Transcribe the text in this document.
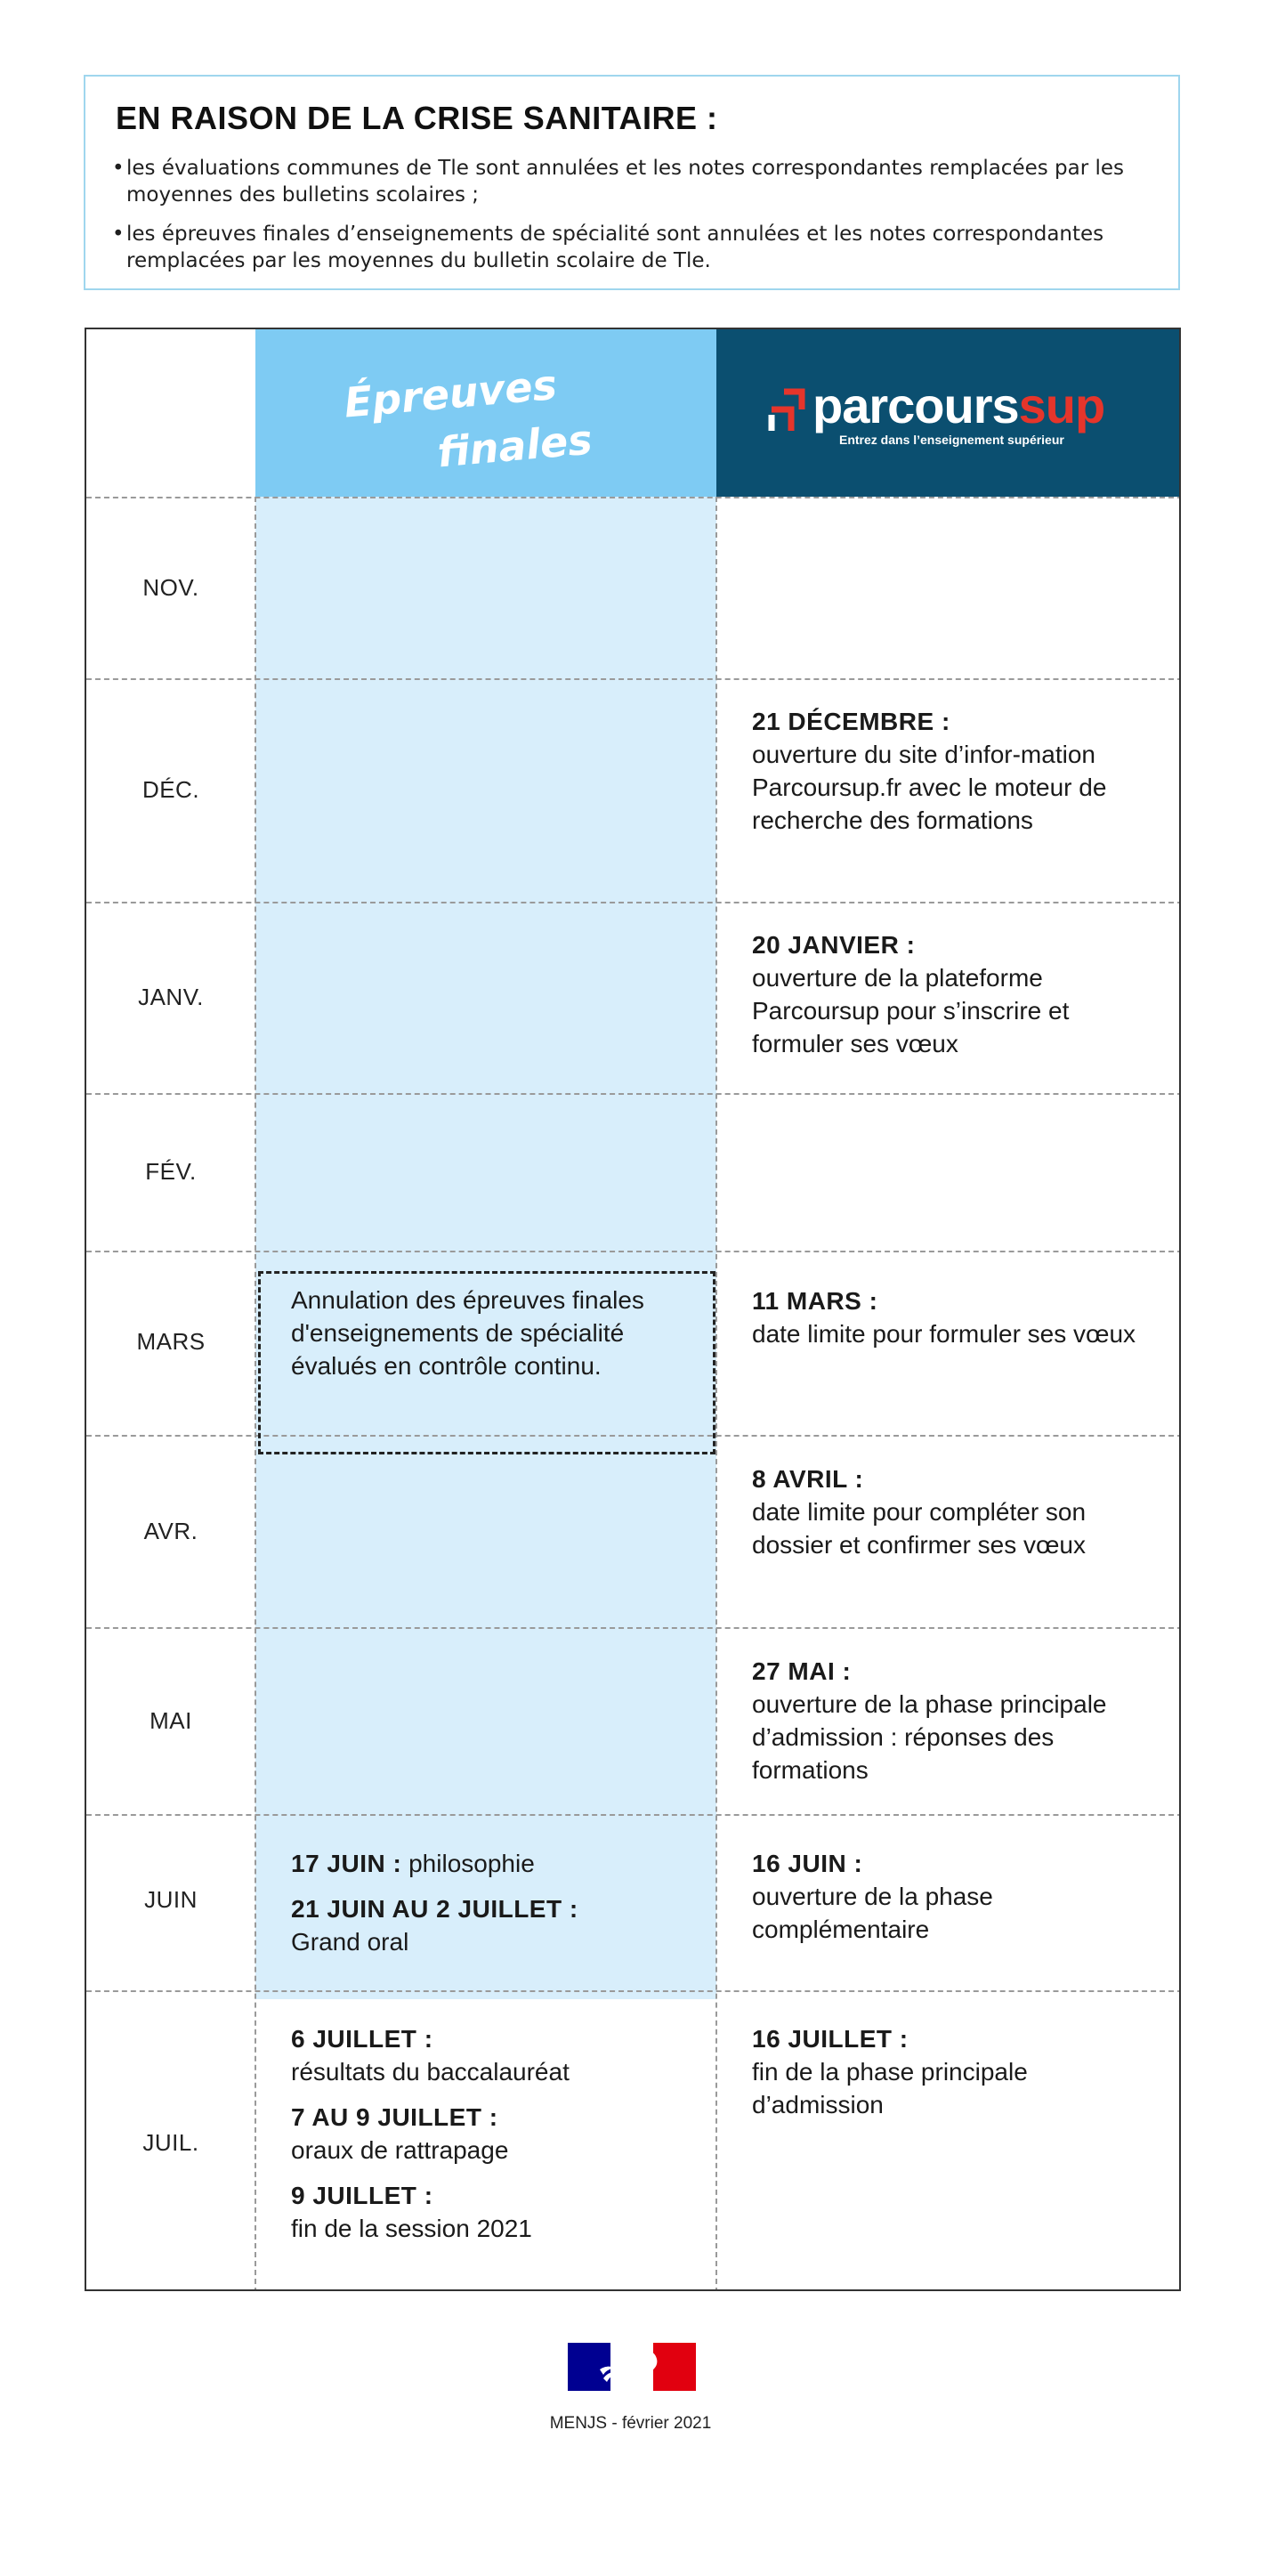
EN RAISON DE LA CRISE SANITAIRE :
• les évaluations communes de Tle sont annulées et les notes correspondantes remplacées par les moyennes des bulletins scolaires ;
• les épreuves finales d’enseignements de spécialité sont annulées et les notes correspondantes remplacées par les moyennes du bulletin scolaire de Tle.
Épreuves
finales
parcourssup
Entrez dans l’enseignement supérieur
NOV.
DÉC.
JANV.
FÉV.
MARS
AVR.
MAI
JUIN
JUIL.
Annulation des épreuves finales d'enseignements de spécialité évalués en contrôle continu.
17 JUIN : philosophie
21 JUIN AU 2 JUILLET :
Grand oral
6 JUILLET :
résultats du baccalauréat
7 AU 9 JUILLET :
oraux de rattrapage
9 JUILLET :
fin de la session 2021
21 DÉCEMBRE :
ouverture du site d’infor-mation Parcoursup.fr avec le moteur de recherche des formations
20 JANVIER :
ouverture de la plateforme Parcoursup pour s’inscrire et formuler ses vœux
11 MARS :
date limite pour formuler ses vœux
8 AVRIL :
date limite pour compléter son dossier et confirmer ses vœux
27 MAI :
ouverture de la phase principale d’admission : réponses des formations
16 JUIN :
ouverture de la phase complémentaire
16 JUILLET :
fin de la phase principale d’admission
MENJS - février 2021
